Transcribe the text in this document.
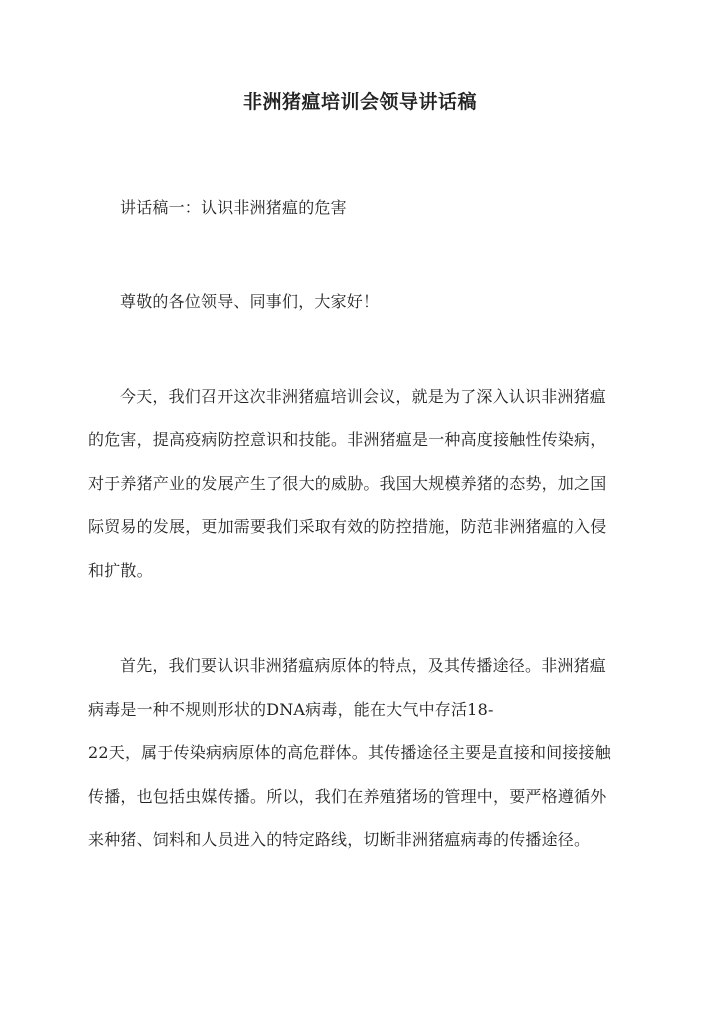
非洲猪瘟培训会领导讲话稿

讲话稿一：认识非洲猪瘟的危害

尊敬的各位领导、同事们，大家好！

今天，我们召开这次非洲猪瘟培训会议，就是为了深入认识非洲猪瘟

的危害，提高疫病防控意识和技能。非洲猪瘟是一种高度接触性传染病，

对于养猪产业的发展产生了很大的威胁。我国大规模养猪的态势，加之国

际贸易的发展，更加需要我们采取有效的防控措施，防范非洲猪瘟的入侵

和扩散。

首先，我们要认识非洲猪瘟病原体的特点，及其传播途径。非洲猪瘟

病毒是一种不规则形状的DNA病毒，能在大气中存活18-

22天，属于传染病病原体的高危群体。其传播途径主要是直接和间接接触

传播，也包括虫媒传播。所以，我们在养殖猪场的管理中，要严格遵循外

来种猪、饲料和人员进入的特定路线，切断非洲猪瘟病毒的传播途径。
